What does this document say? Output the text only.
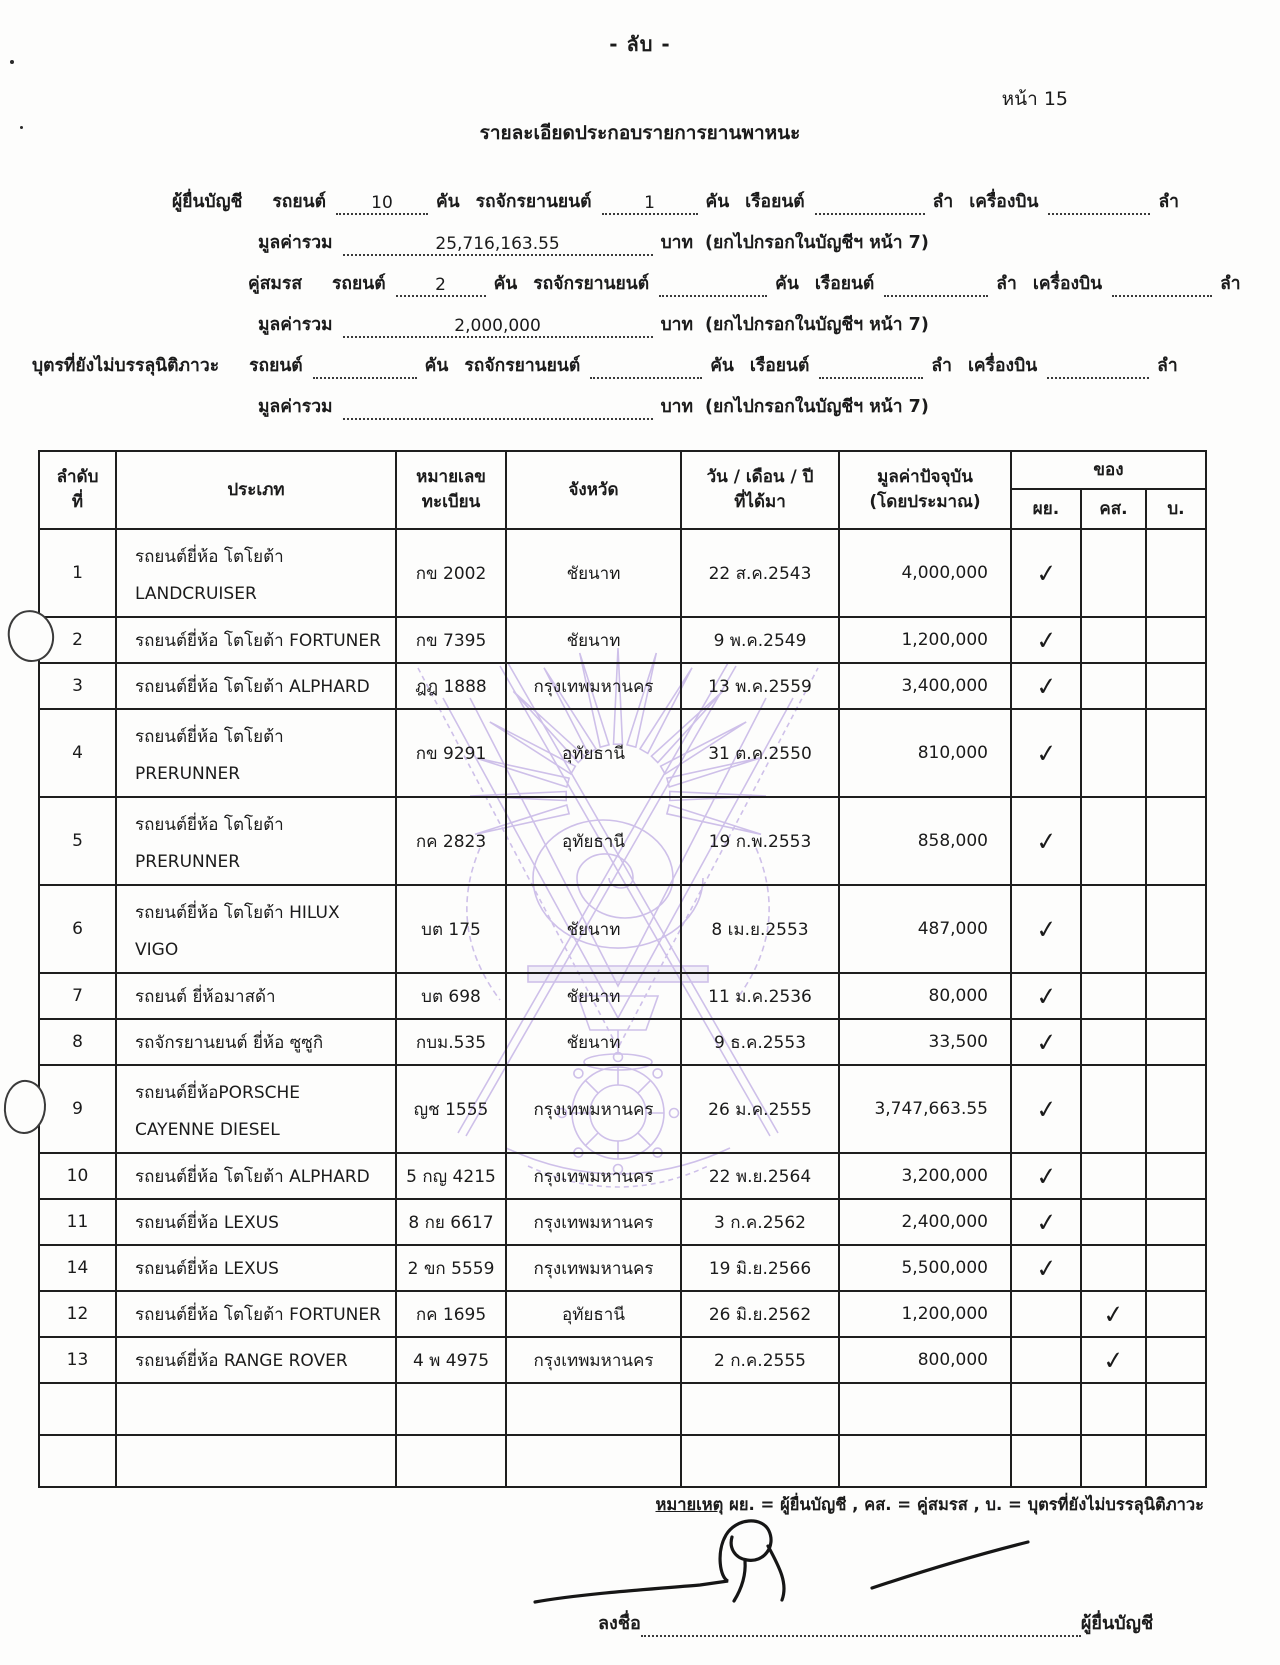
- ลับ -
หน้า 15
รายละเอียดประกอบรายการยานพาหนะ
ผู้ยื่นบัญชี รถยนต์	10	คัน รถจักรยานยนต์	1	คัน เรือยนต์	ลำ เครื่องบิน	ลำ
มูลค่ารวม	25,716,163.55	บาท (ยกไปกรอกในบัญชีฯ หน้า 7)
คู่สมรส รถยนต์	2	คัน รถจักรยานยนต์	คัน เรือยนต์	ลำ เครื่องบิน	ลำ
มูลค่ารวม	2,000,000	บาท (ยกไปกรอกในบัญชีฯ หน้า 7)
บุตรที่ยังไม่บรรลุนิติภาวะ รถยนต์	คัน รถจักรยานยนต์	คัน เรือยนต์	ลำ เครื่องบิน	ลำ
มูลค่ารวม	บาท (ยกไปกรอกในบัญชีฯ หน้า 7)
ลำดับ
ที่
	ประเภท	
หมายเลข
ทะเบียน
	จังหวัด	
วัน / เดือน / ปี
ที่ได้มา

มูลค่าปัจจุบัน
(โดยประมาณ)
	ของ
						ผย.	คส.	บ.
1	รถยนต์ยี่ห้อ โตโยต้า
LANDCRUISER	กข 2002	ชัยนาท	22 ส.ค.2543	4,000,000	✓		
2	รถยนต์ยี่ห้อ โตโยต้า FORTUNER	กข 7395	ชัยนาท	9 พ.ค.2549	1,200,000	✓		
3	รถยนต์ยี่ห้อ โตโยต้า ALPHARD	ฎฎ 1888	กรุงเทพมหานคร	13 พ.ค.2559	3,400,000	✓		
4	รถยนต์ยี่ห้อ โตโยต้า
PRERUNNER	กข 9291	อุทัยธานี	31 ต.ค.2550	810,000	✓		
5	รถยนต์ยี่ห้อ โตโยต้า
PRERUNNER	กค 2823	อุทัยธานี	19 ก.พ.2553	858,000	✓		
6	รถยนต์ยี่ห้อ โตโยต้า HILUX
VIGO	บต 175	ชัยนาท	8 เม.ย.2553	487,000	✓		
7	รถยนต์ ยี่ห้อมาสด้า	บต 698	ชัยนาท	11 ม.ค.2536	80,000	✓		
8	รถจักรยานยนต์ ยี่ห้อ ซูซูกิ	กบม.535	ชัยนาท	9 ธ.ค.2553	33,500	✓		
9	รถยนต์ยี่ห้อPORSCHE
CAYENNE DIESEL	ญช 1555	กรุงเทพมหานคร	26 ม.ค.2555	3,747,663.55	✓		
10	รถยนต์ยี่ห้อ โตโยต้า ALPHARD	5 กญ 4215	กรุงเทพมหานคร	22 พ.ย.2564	3,200,000	✓		
11	รถยนต์ยี่ห้อ LEXUS	8 กย 6617	กรุงเทพมหานคร	3 ก.ค.2562	2,400,000	✓		
14	รถยนต์ยี่ห้อ LEXUS	2 ขก 5559	กรุงเทพมหานคร	19 มิ.ย.2566	5,500,000	✓		
12	รถยนต์ยี่ห้อ โตโยต้า FORTUNER	กค 1695	อุทัยธานี	26 มิ.ย.2562	1,200,000		✓	
13	รถยนต์ยี่ห้อ RANGE ROVER	4 พ 4975	กรุงเทพมหานคร	2 ก.ค.2555	800,000		✓	

หมายเหตุ ผย. = ผู้ยื่นบัญชี , คส. = คู่สมรส , บ. = บุตรที่ยังไม่บรรลุนิติภาวะ
ลงชื่อ	ผู้ยื่นบัญชี
